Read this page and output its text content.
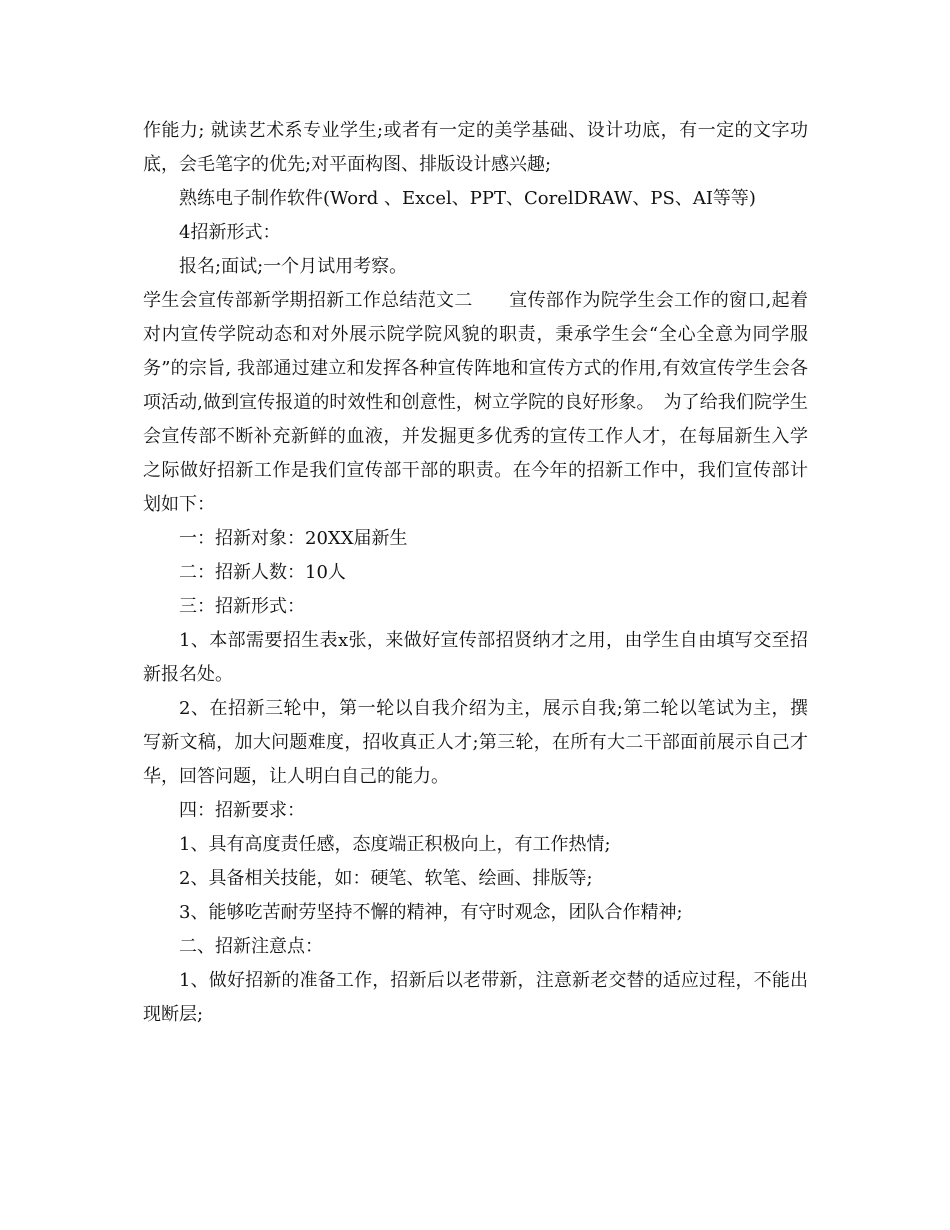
作能力; 就读艺术系专业学生;或者有一定的美学基础、设计功底，有一定的文字功底，会毛笔字的优先;对平面构图、排版设计感兴趣;

熟练电子制作软件(Word 、Excel、PPT、CorelDRAW、PS、AI等等)

4招新形式：

报名;面试;一个月试用考察。

学生会宣传部新学期招新工作总结范文二　　宣传部作为院学生会工作的窗口,起着对内宣传学院动态和对外展示院学院风貌的职责，秉承学生会“全心全意为同学服务”的宗旨, 我部通过建立和发挥各种宣传阵地和宣传方式的作用,有效宣传学生会各项活动,做到宣传报道的时效性和创意性，树立学院的良好形象。　为了给我们院学生会宣传部不断补充新鲜的血液，并发掘更多优秀的宣传工作人才，在每届新生入学之际做好招新工作是我们宣传部干部的职责。在今年的招新工作中，我们宣传部计划如下：

一：招新对象：20XX届新生

二：招新人数：10人

三：招新形式：

1、本部需要招生表x张，来做好宣传部招贤纳才之用，由学生自由填写交至招新报名处。

2、在招新三轮中，第一轮以自我介绍为主，展示自我;第二轮以笔试为主，撰写新文稿，加大问题难度，招收真正人才;第三轮，在所有大二干部面前展示自己才华，回答问题，让人明白自己的能力。

四：招新要求：

1、具有高度责任感，态度端正积极向上，有工作热情;

2、具备相关技能，如：硬笔、软笔、绘画、排版等;

3、能够吃苦耐劳坚持不懈的精神，有守时观念，团队合作精神;

二、招新注意点：

1、做好招新的准备工作，招新后以老带新，注意新老交替的适应过程，不能出现断层;
